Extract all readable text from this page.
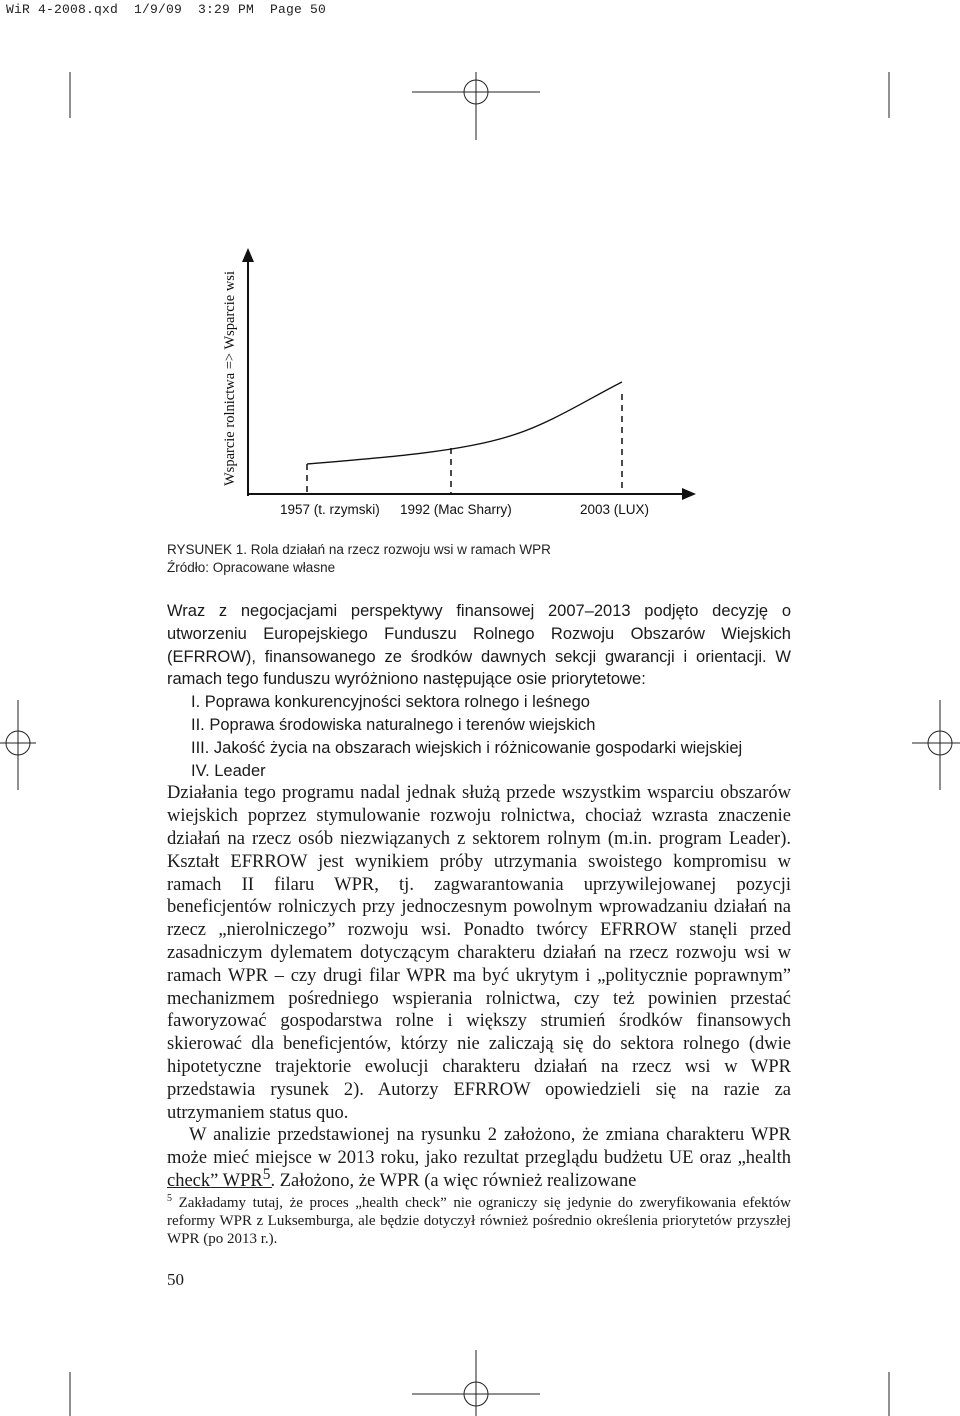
WiR 4-2008.qxd  1/9/09  3:29 PM  Page 50
Wsparcie rolnictwa => Wsparcie wsi
1957 (t. rzymski) 1992 (Mac Sharry)	2003 (LUX)
RYSUNEK 1. Rola działań na rzecz rozwoju wsi w ramach WPR
Źródło: Opracowane własne

Wraz z negocjacjami perspektywy finansowej 2007–2013 podjęto decyzję o utworzeniu Europejskiego Funduszu Rolnego Rozwoju Obszarów Wiejskich (EFRROW), finansowanego ze środków dawnych sekcji gwarancji i orientacji. W ramach tego funduszu wyróżniono następujące osie priorytetowe:

I. Poprawa konkurencyjności sektora rolnego i leśnego

II. Poprawa środowiska naturalnego i terenów wiejskich

III. Jakość życia na obszarach wiejskich i różnicowanie gospodarki wiejskiej

IV. Leader

Działania tego programu nadal jednak służą przede wszystkim wsparciu obszarów wiejskich poprzez stymulowanie rozwoju rolnictwa, chociaż wzrasta znaczenie działań na rzecz osób niezwiązanych z sektorem rolnym (m.in. program Leader). Kształt EFRROW jest wynikiem próby utrzymania swoistego kompromisu w ramach II filaru WPR, tj. zagwarantowania uprzywilejowanej pozycji beneficjentów rolniczych przy jednoczesnym powolnym wprowadzaniu działań na rzecz „nierolniczego” rozwoju wsi. Ponadto twórcy EFRROW stanęli przed zasadniczym dylematem dotyczącym charakteru działań na rzecz rozwoju wsi w ramach WPR – czy drugi filar WPR ma być ukrytym i „politycznie poprawnym” mechanizmem pośredniego wspierania rolnictwa, czy też powinien przestać faworyzować gospodarstwa rolne i większy strumień środków finansowych skierować dla beneficjentów, którzy nie zaliczają się do sektora rolnego (dwie hipotetyczne trajektorie ewolucji charakteru działań na rzecz wsi w WPR przedstawia rysunek 2). Autorzy EFRROW opowiedzieli się na razie za utrzymaniem status quo.

W analizie przedstawionej na rysunku 2 założono, że zmiana charakteru WPR może mieć miejsce w 2013 roku, jako rezultat przeglądu budżetu UE oraz „health check” WPR$^5$. Założono, że WPR (a więc również realizowane

$^5$ Zakładamy tutaj, że proces „health check” nie ograniczy się jedynie do zweryfikowania efektów reformy WPR z Luksemburga, ale będzie dotyczył również pośrednio określenia priorytetów przyszłej WPR (po 2013 r.).
50
